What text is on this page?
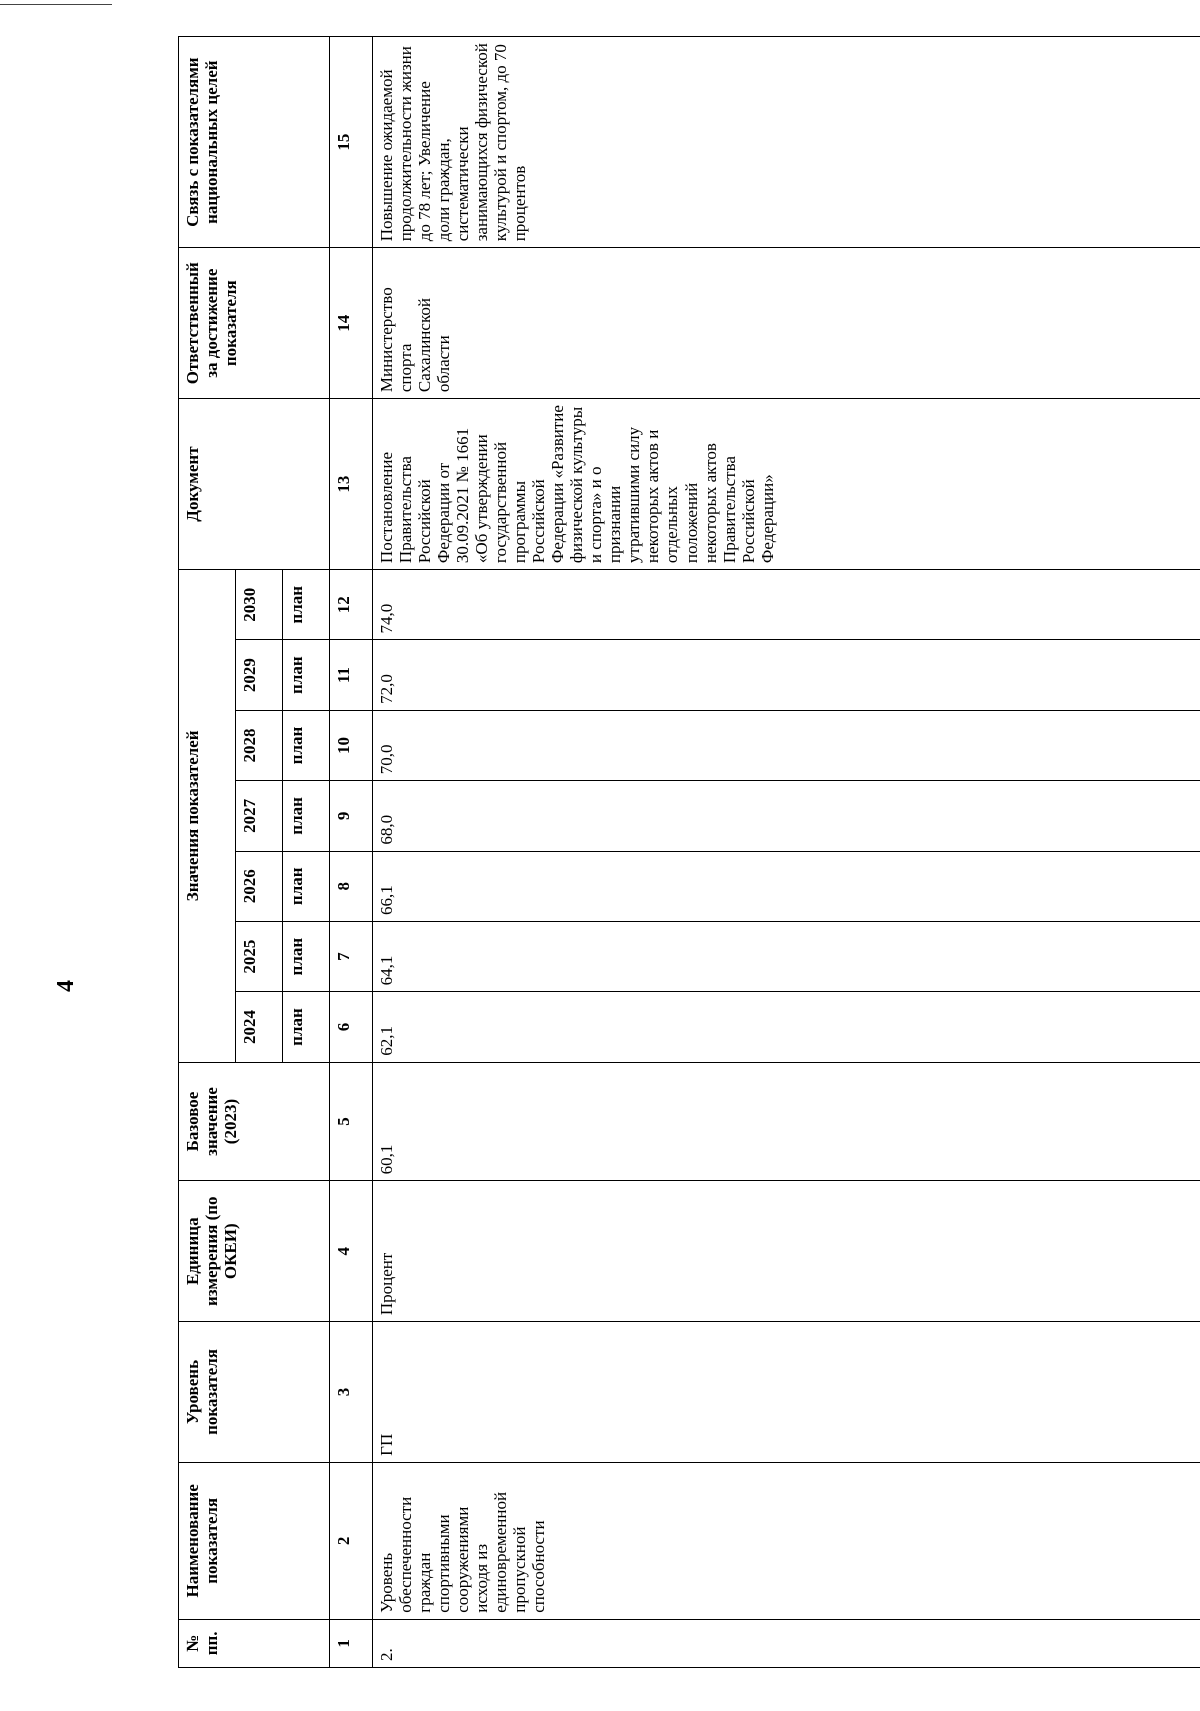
4
№ пп.	Наименование показателя	Уровень показателя	Единица измерения (по ОКЕИ)	Базовое значение (2023)	Значения показателей							Документ	Ответственный за достижение показателя	Связь с показателями национальных целей
					2024	2025	2026	2027	2028	2029	2030			
					план	план	план	план	план	план	план			
1	2	3	4	5	6	7	8	9	10	11	12	13	14	15
2.	Уровень обеспеченности граждан спортивными сооружениями исходя из единовременной пропускной способности	ГП	Процент	60,1	62,1	64,1	66,1	68,0	70,0	72,0	74,0	Постановление Правительства Российской Федерации от 30.09.2021 № 1661 «Об утверждении государственной программы Российской Федерации «Развитие физической культуры и спорта» и о признании утратившими силу некоторых актов и отдельных положений некоторых актов Правительства Российской Федерации»	Министерство спорта Сахалинской области	Повышение ожидаемой продолжительности жизни до 78 лет; Увеличение доли граждан, систематически занимающихся физической культурой и спортом, до 70 процентов
